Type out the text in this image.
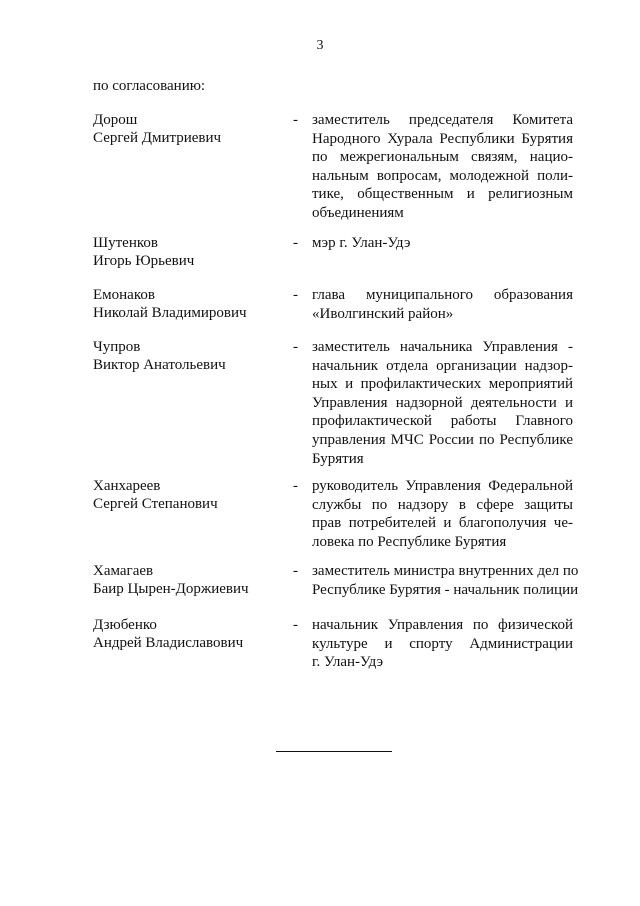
3
по согласованию:
Дорош
Сергей Дмитриевич
- заместитель председателя Комитета
Народного Хурала Республики Бурятия
по межрегиональным связям, нацио-
нальным вопросам, молодежной поли-
тике, общественным и религиозным
объединениям
Шутенков
Игорь Юрьевич
- мэр г. Улан-Удэ
Емонаков
Николай Владимирович
- глава муниципального образования
«Иволгинский район»
Чупров
Виктор Анатольевич
- заместитель начальника Управления -
начальник отдела организации надзор-
ных и профилактических мероприятий
Управления надзорной деятельности и
профилактической работы Главного
управления МЧС России по Республике
Бурятия
Ханхареев
Сергей Степанович
- руководитель Управления Федеральной
службы по надзору в сфере защиты
прав потребителей и благополучия че-
ловека по Республике Бурятия
Хамагаев
Баир Цырен-Доржиевич
- заместитель министра внутренних дел по
Республике Бурятия - начальник полиции
Дзюбенко
Андрей Владиславович
- начальник Управления по физической
культуре и спорту Администрации
г. Улан-Удэ
